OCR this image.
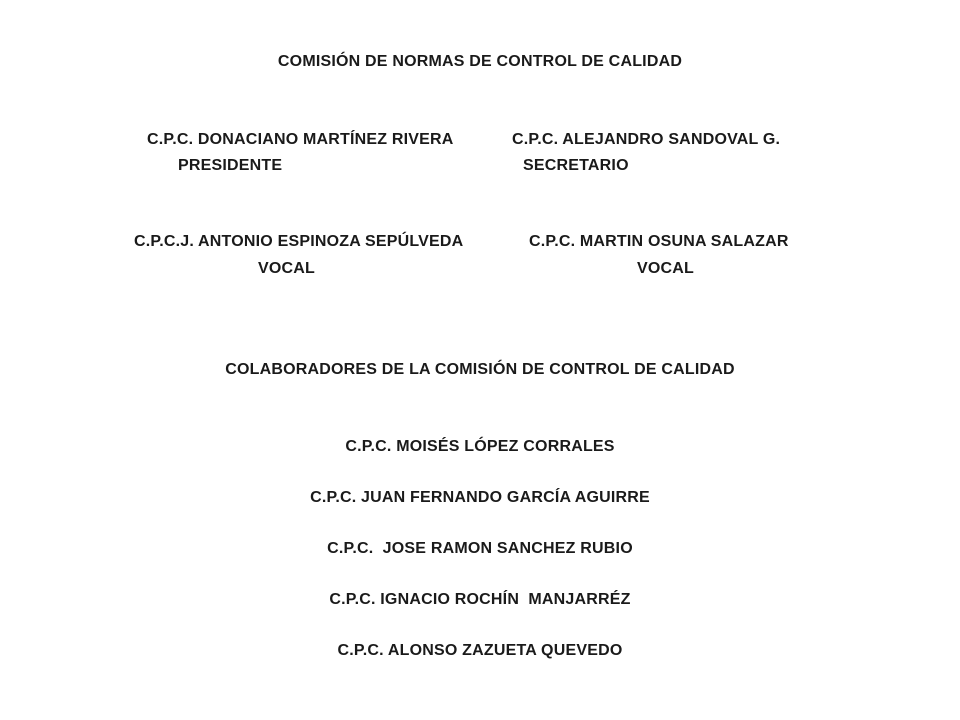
COMISIÓN DE NORMAS DE CONTROL DE CALIDAD
C.P.C. DONACIANO MARTÍNEZ RIVERA
PRESIDENTE
C.P.C. ALEJANDRO SANDOVAL G.
SECRETARIO
C.P.C.J. ANTONIO ESPINOZA SEPÚLVEDA
VOCAL
C.P.C. MARTIN OSUNA SALAZAR
VOCAL
COLABORADORES DE LA COMISIÓN DE CONTROL DE CALIDAD
C.P.C. MOISÉS LÓPEZ CORRALES
C.P.C. JUAN FERNANDO GARCÍA AGUIRRE
C.P.C.  JOSE RAMON SANCHEZ RUBIO
C.P.C. IGNACIO ROCHÍN  MANJARRÉZ
C.P.C. ALONSO ZAZUETA QUEVEDO
